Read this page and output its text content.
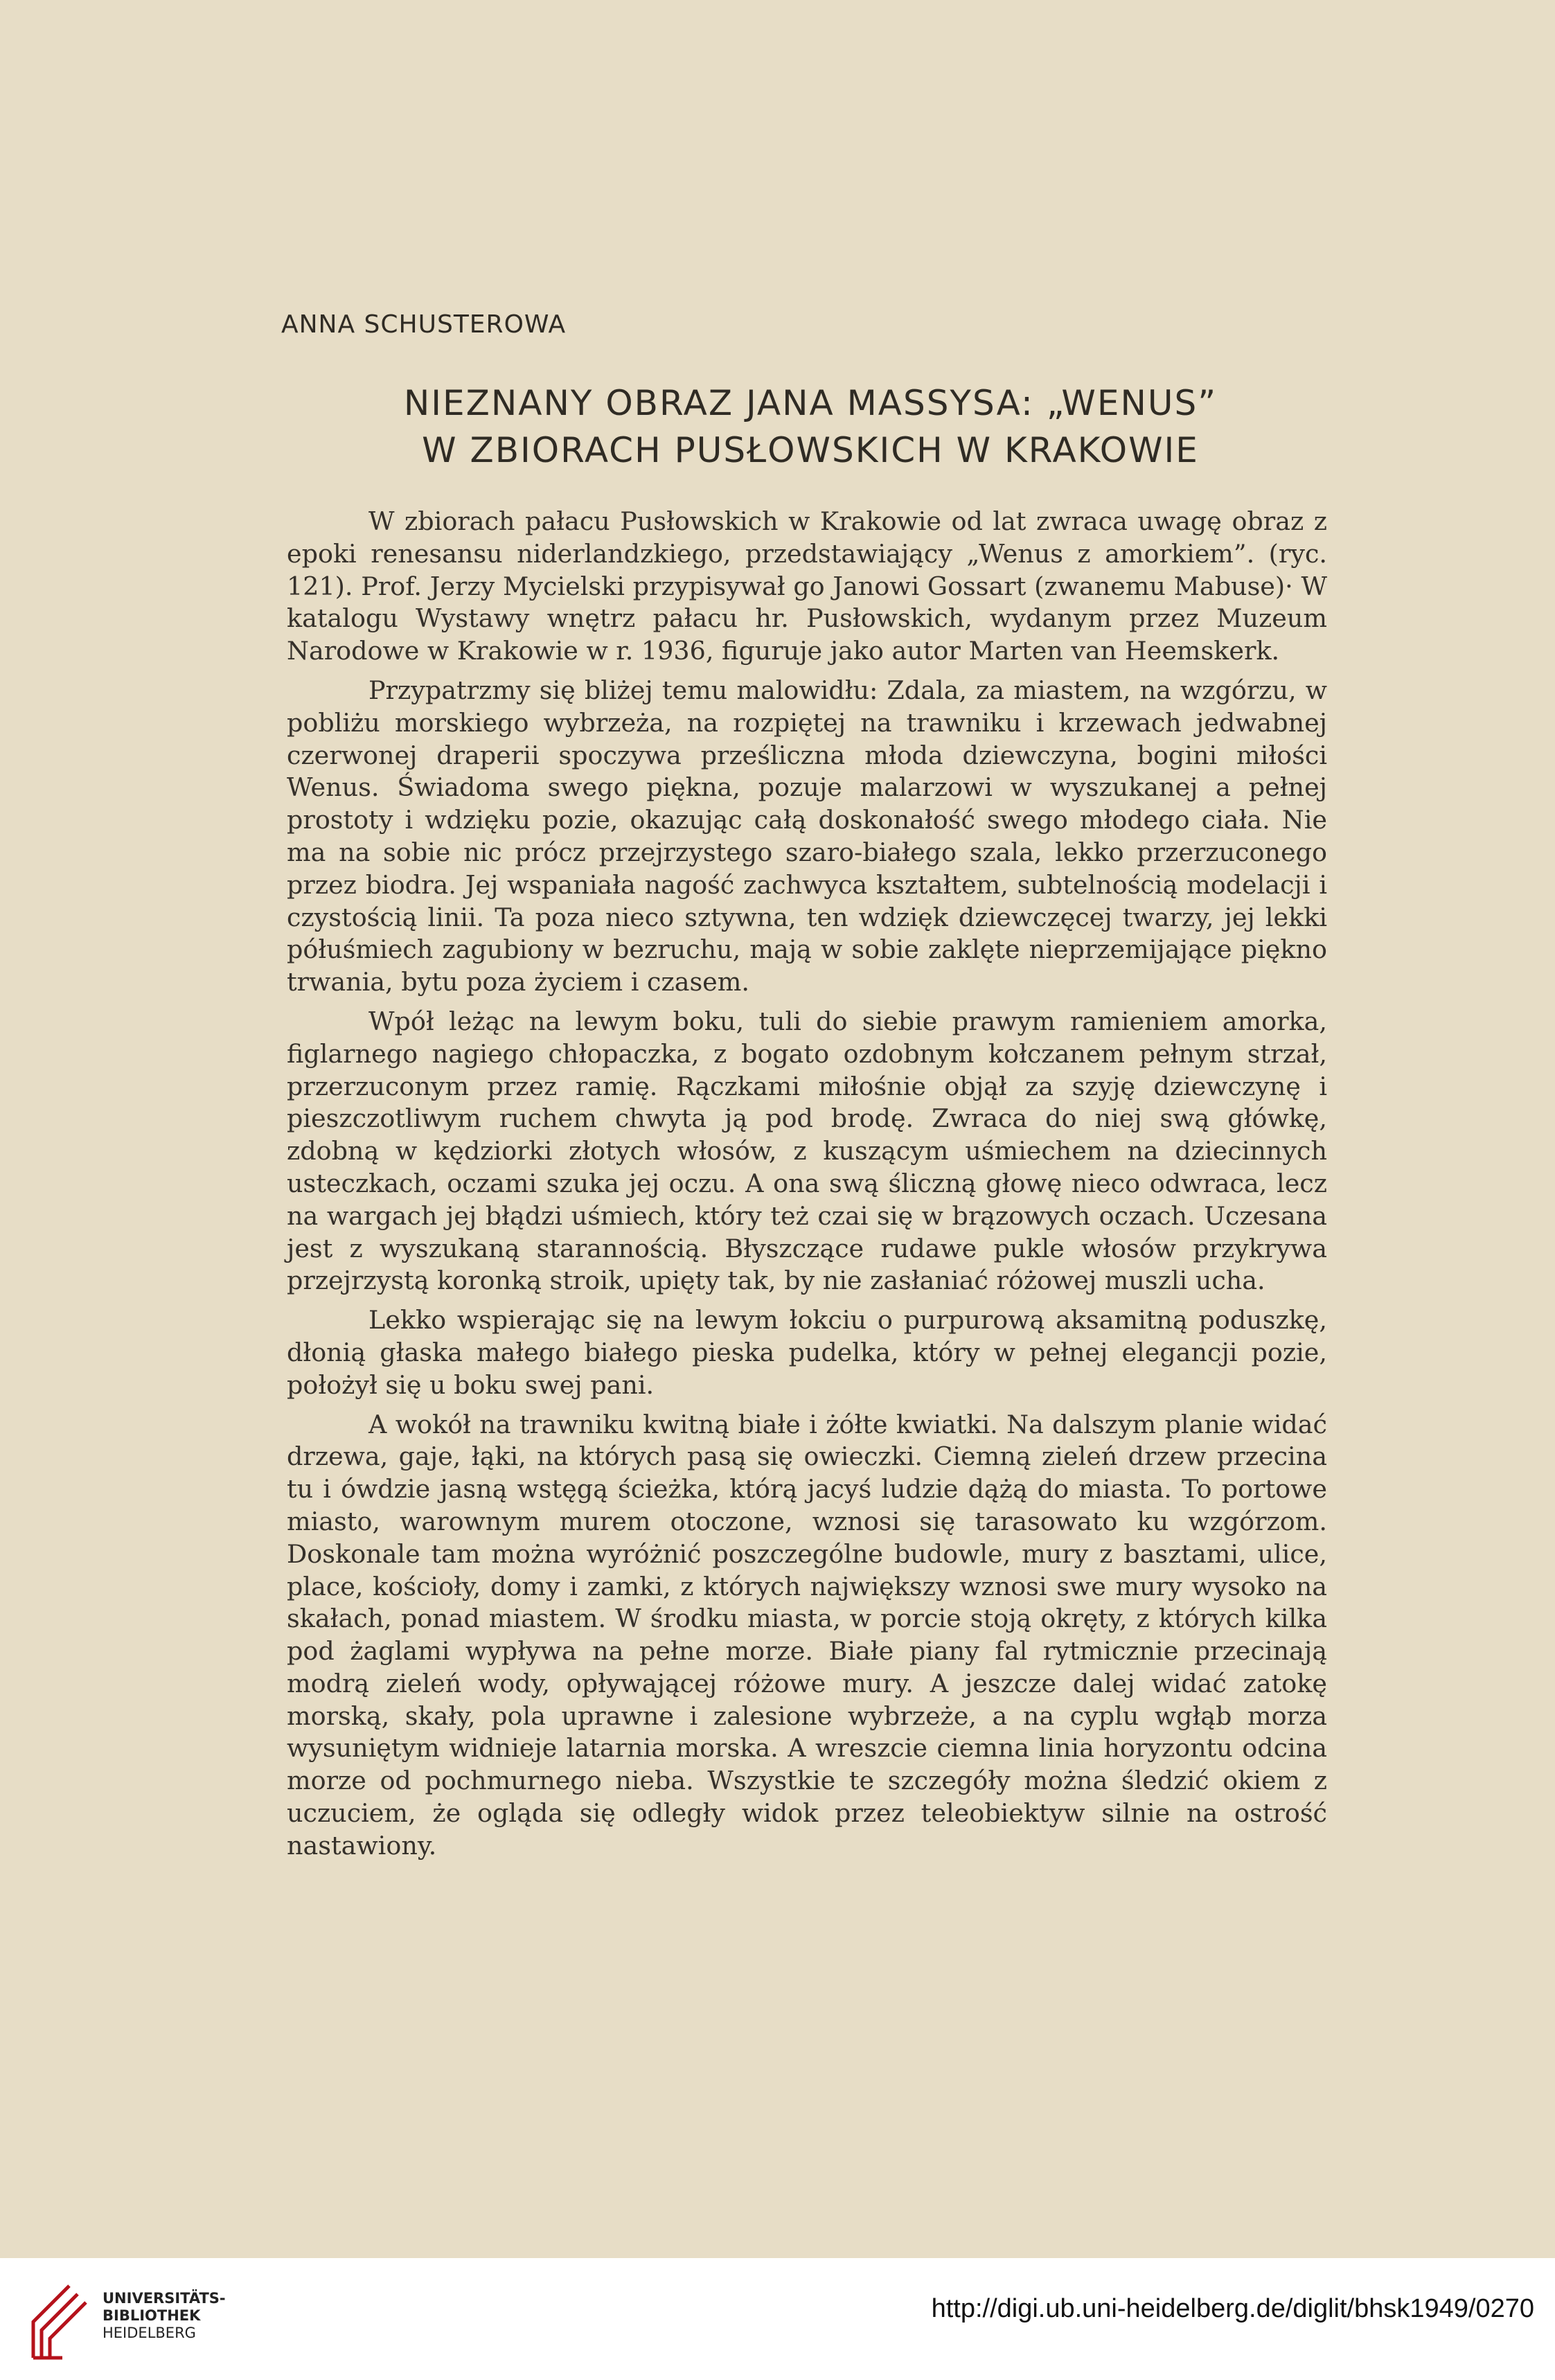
ANNA SCHUSTEROWA
NIEZNANY OBRAZ JANA MASSYSA: „WENUS”
W ZBIORACH PUSŁOWSKICH W KRAKOWIE

W zbiorach pałacu Pusłowskich w Krakowie od lat zwraca uwagę obraz z epoki renesansu niderlandzkiego, przedstawiający „Wenus z amorkiem”. (ryc. 121). Prof. Jerzy Mycielski przypisywał go Janowi Gossart (zwanemu Mabuse)· W katalogu Wystawy wnętrz pałacu hr. Pusłowskich, wydanym przez Muzeum Narodowe w Krakowie w r. 1936, figuruje jako autor Marten van Heemskerk.

Przypatrzmy się bliżej temu malowidłu: Zdala, za miastem, na wzgórzu, w pobliżu morskiego wybrzeża, na rozpiętej na trawniku i krzewach jedwabnej czerwonej draperii spoczywa prześliczna młoda dziewczyna, bogini miłości Wenus. Świadoma swego piękna, pozuje malarzowi w wyszukanej a pełnej prostoty i wdzięku pozie, okazując całą doskonałość swego młodego ciała. Nie ma na sobie nic prócz przejrzystego szaro-białego szala, lekko przerzuconego przez biodra. Jej wspaniała nagość zachwyca kształtem, subtelnością modelacji i czystością linii. Ta poza nieco sztywna, ten wdzięk dziewczęcej twarzy, jej lekki półuśmiech zagubiony w bezruchu, mają w sobie zaklęte nieprzemijające piękno trwania, bytu poza życiem i czasem.

Wpół leżąc na lewym boku, tuli do siebie prawym ramieniem amorka, figlarnego nagiego chłopaczka, z bogato ozdobnym kołczanem pełnym strzał, przerzuconym przez ramię. Rączkami miłośnie objął za szyję dziewczynę i pieszczotliwym ruchem chwyta ją pod brodę. Zwraca do niej swą główkę, zdobną w kędziorki złotych włosów, z kuszącym uśmiechem na dziecinnych usteczkach, oczami szuka jej oczu. A ona swą śliczną głowę nieco odwraca, lecz na wargach jej błądzi uśmiech, który też czai się w brązowych oczach. Uczesana jest z wyszukaną starannością. Błyszczące rudawe pukle włosów przykrywa przejrzystą koronką stroik, upięty tak, by nie zasłaniać różowej muszli ucha.

Lekko wspierając się na lewym łokciu o purpurową aksamitną poduszkę, dłonią głaska małego białego pieska pudelka, który w pełnej elegancji pozie, położył się u boku swej pani.

A wokół na trawniku kwitną białe i żółte kwiatki. Na dalszym planie widać drzewa, gaje, łąki, na których pasą się owieczki. Ciemną zieleń drzew przecina tu i ówdzie jasną wstęgą ścieżka, którą jacyś ludzie dążą do miasta. To portowe miasto, warownym murem otoczone, wznosi się tarasowato ku wzgórzom. Doskonale tam można wyróżnić poszczególne budowle, mury z basztami, ulice, place, kościoły, domy i zamki, z których największy wznosi swe mury wysoko na skałach, ponad miastem. W środku miasta, w porcie stoją okręty, z których kilka pod żaglami wypływa na pełne morze. Białe piany fal rytmicznie przecinają modrą zieleń wody, opływającej różowe mury. A jeszcze dalej widać zatokę morską, skały, pola uprawne i zalesione wybrzeże, a na cyplu wgłąb morza wysuniętym widnieje latarnia morska. A wreszcie ciemna linia horyzontu odcina morze od pochmurnego nieba. Wszystkie te szczegóły można śledzić okiem z uczuciem, że ogląda się odległy widok przez teleobiektyw silnie na ostrość nastawiony.

UNIVERSITÄTS-
BIBLIOTHEK
HEIDELBERG
http://digi.ub.uni-heidelberg.de/diglit/bhsk1949/0270
